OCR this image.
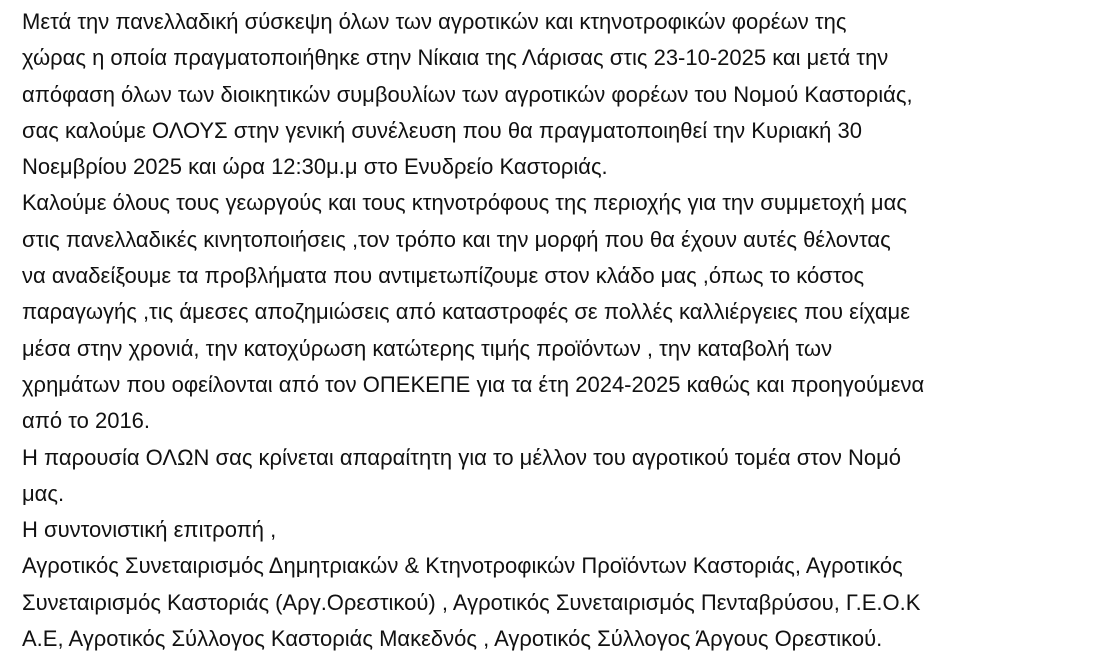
Μετά την πανελλαδική σύσκεψη όλων των αγροτικών και κτηνοτροφικών φορέων της
χώρας η οποία πραγματοποιήθηκε στην Νίκαια της Λάρισας στις 23-10-2025 και μετά την
απόφαση όλων των διοικητικών συμβουλίων των αγροτικών φορέων του Νομού Καστοριάς,
σας καλούμε ΟΛΟΥΣ στην γενική συνέλευση που θα πραγματοποιηθεί την Κυριακή 30
Νοεμβρίου 2025 και ώρα 12:30μ.μ στο Ενυδρείο Καστοριάς.
Καλούμε όλους τους γεωργούς και τους κτηνοτρόφους της περιοχής για την συμμετοχή μας
στις πανελλαδικές κινητοποιήσεις ,τον τρόπο και την μορφή που θα έχουν αυτές θέλοντας
να αναδείξουμε τα προβλήματα που αντιμετωπίζουμε στον κλάδο μας ,όπως το κόστος
παραγωγής ,τις άμεσες αποζημιώσεις από καταστροφές σε πολλές καλλιέργειες που είχαμε
μέσα στην χρονιά, την κατοχύρωση κατώτερης τιμής προϊόντων , την καταβολή των
χρημάτων που οφείλονται από τον ΟΠΕΚΕΠΕ για τα έτη 2024-2025 καθώς και προηγούμενα
από το 2016.
Η παρουσία ΟΛΩΝ σας κρίνεται απαραίτητη για το μέλλον του αγροτικού τομέα στον Νομό
μας.
Η συντονιστική επιτροπή ,
Αγροτικός Συνεταιρισμός Δημητριακών & Κτηνοτροφικών Προϊόντων Καστοριάς, Αγροτικός
Συνεταιρισμός Καστοριάς (Αργ.Ορεστικού) , Αγροτικός Συνεταιρισμός Πενταβρύσου, Γ.Ε.Ο.Κ
Α.Ε, Αγροτικός Σύλλογος Καστοριάς Μακεδνός , Αγροτικός Σύλλογος Άργους Ορεστικού.
